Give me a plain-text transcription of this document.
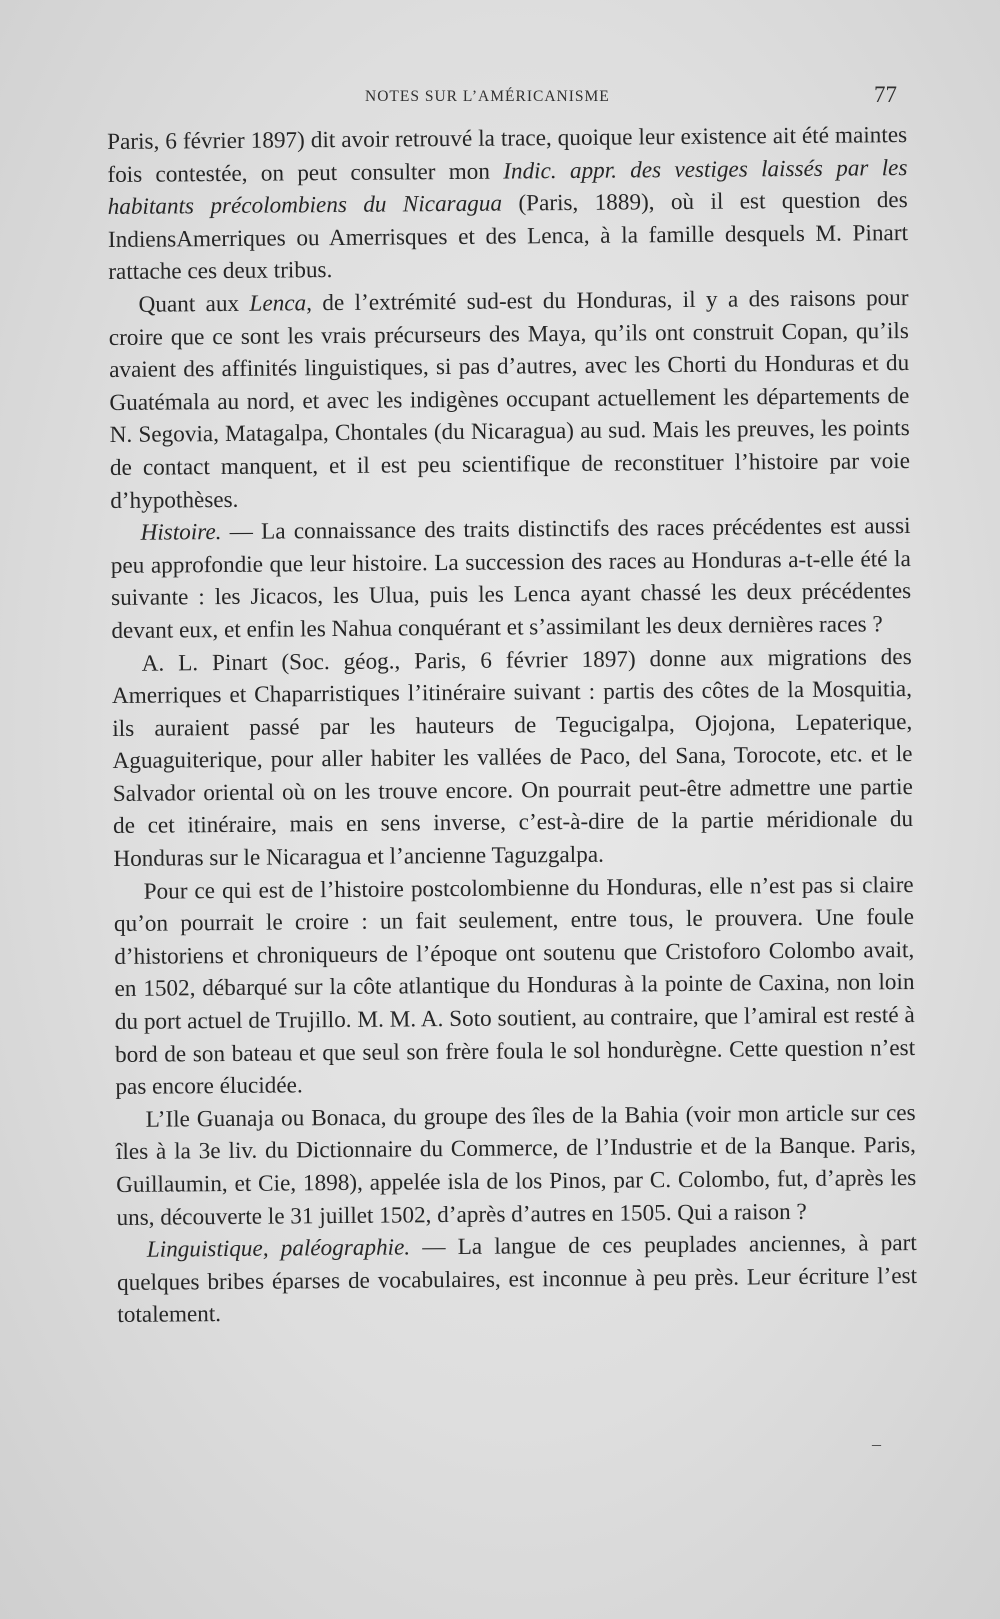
NOTES SUR L’AMÉRICANISME	77

Paris, 6 février 1897) dit avoir retrouvé la trace, quoique leur existence ait été maintes fois contestée, on peut consulter mon Indic. appr. des vestiges laissés par les habitants précolombiens du Nicaragua (Paris, 1889), où il est question des IndiensAmerriques ou Amerrisques et des Lenca, à la famille desquels M. Pinart rattache ces deux tribus.

Quant aux Lenca, de l’extrémité sud-est du Honduras, il y a des raisons pour croire que ce sont les vrais précurseurs des Maya, qu’ils ont construit Copan, qu’ils avaient des affinités linguistiques, si pas d’autres, avec les Chorti du Honduras et du Guatémala au nord, et avec les indigènes occupant actuellement les départements de N. Segovia, Matagalpa, Chontales (du Nicaragua) au sud. Mais les preuves, les points de contact manquent, et il est peu scientifique de reconstituer l’histoire par voie d’hypothèses.

Histoire. — La connaissance des traits distinctifs des races précédentes est aussi peu approfondie que leur histoire. La succession des races au Honduras a-t-elle été la suivante : les Jicacos, les Ulua, puis les Lenca ayant chassé les deux précédentes devant eux, et enfin les Nahua conquérant et s’assimilant les deux dernières races ?

A. L. Pinart (Soc. géog., Paris, 6 février 1897) donne aux migrations des Amerriques et Chaparristiques l’itinéraire suivant : partis des côtes de la Mosquitia, ils auraient passé par les hauteurs de Tegucigalpa, Ojojona, Lepaterique, Aguaguiterique, pour aller habiter les vallées de Paco, del Sana, Torocote, etc. et le Salvador oriental où on les trouve encore. On pourrait peut-être admettre une partie de cet itinéraire, mais en sens inverse, c’est-à-dire de la partie méridionale du Honduras sur le Nicaragua et l’ancienne Taguzgalpa.

Pour ce qui est de l’histoire postcolombienne du Honduras, elle n’est pas si claire qu’on pourrait le croire : un fait seulement, entre tous, le prouvera. Une foule d’historiens et chroniqueurs de l’époque ont soutenu que Cristoforo Colombo avait, en 1502, débarqué sur la côte atlantique du Honduras à la pointe de Caxina, non loin du port actuel de Trujillo. M. M. A. Soto soutient, au contraire, que l’amiral est resté à bord de son bateau et que seul son frère foula le sol hondurègne. Cette question n’est pas encore élucidée.

L’Ile Guanaja ou Bonaca, du groupe des îles de la Bahia (voir mon article sur ces îles à la 3e liv. du Dictionnaire du Commerce, de l’Industrie et de la Banque. Paris, Guillaumin, et Cie, 1898), appelée isla de los Pinos, par C. Colombo, fut, d’après les uns, découverte le 31 juillet 1502, d’après d’autres en 1505. Qui a raison ?

Linguistique, paléographie. — La langue de ces peuplades anciennes, à part quelques bribes éparses de vocabulaires, est inconnue à peu près. Leur écriture l’est totalement.

–
